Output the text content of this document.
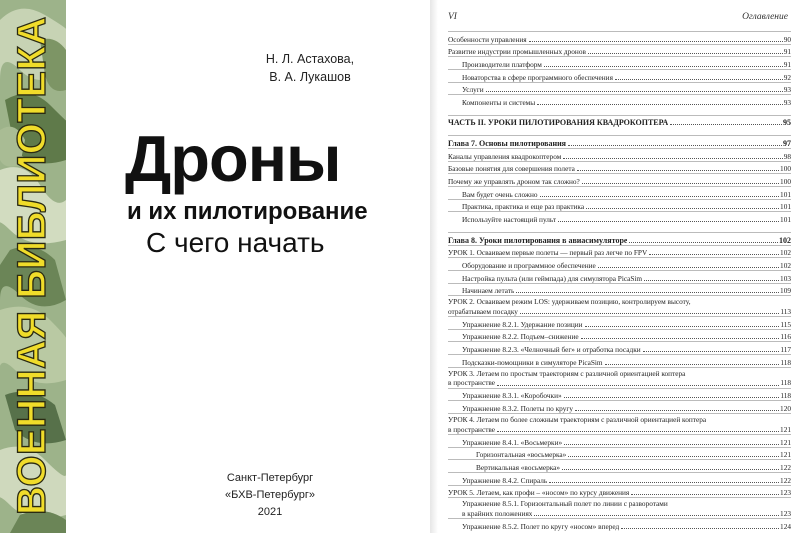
ВОЕННАЯ БИБЛИОТЕКА	Н. Л. Астахова,
В. А. Лукашов
Дроны
и их пилотирование
С чего начать
Санкт-Петербург
«БХВ-Петербург»
2021
VI	Оглавление
Особенности управления	90
Развитие индустрии промышленных дронов	91
Производители платформ	91
Новаторства в сфере программного обеспечения	92
Услуги	93
Компоненты и системы	93
ЧАСТЬ II. УРОКИ ПИЛОТИРОВАНИЯ КВАДРОКОПТЕРА	95
Глава 7. Основы пилотирования	97
Каналы управления квадрокоптером	98
Базовые понятия для совершения полета	100
Почему же управлять дроном так сложно?	100
Вам будет очень сложно	101
Практика, практика и еще раз практика	101
Используйте настоящий пульт	101
Глава 8. Уроки пилотирования в авиасимуляторе	102
УРОК 1. Осваиваем первые полеты — первый раз легче по FPV	102
Оборудование и программное обеспечение	102
Настройка пульта (или геймпада) для симулятора PicaSim	103
Начинаем летать	109
УРОК 2. Осваиваем режим LOS: удерживаем позицию, контролируем высоту,
отрабатываем посадку	113
Упражнение 8.2.1. Удержание позиции	115
Упражнение 8.2.2. Подъем–снижение	116
Упражнение 8.2.3. «Челночный бег» и отработка посадки	117
Подсказки-помощники в симуляторе PicaSim	118
УРОК 3. Летаем по простым траекториям с различной ориентацией коптера
в пространстве	118
Упражнение 8.3.1. «Коробочки»	118
Упражнение 8.3.2. Полеты по кругу	120
УРОК 4. Летаем по более сложным траекториям с различной ориентацией коптера
в пространстве	121
Упражнение 8.4.1. «Восьмерки»	121
Горизонтальная «восьмерка»	121
Вертикальная «восьмерка»	122
Упражнение 8.4.2. Спираль	122
УРОК 5. Летаем, как профи – «носом» по курсу движения	123
Упражнение 8.5.1. Горизонтальный полет по линии с разворотами
в крайних положениях	123
Упражнение 8.5.2. Полет по кругу «носом» вперед	124
